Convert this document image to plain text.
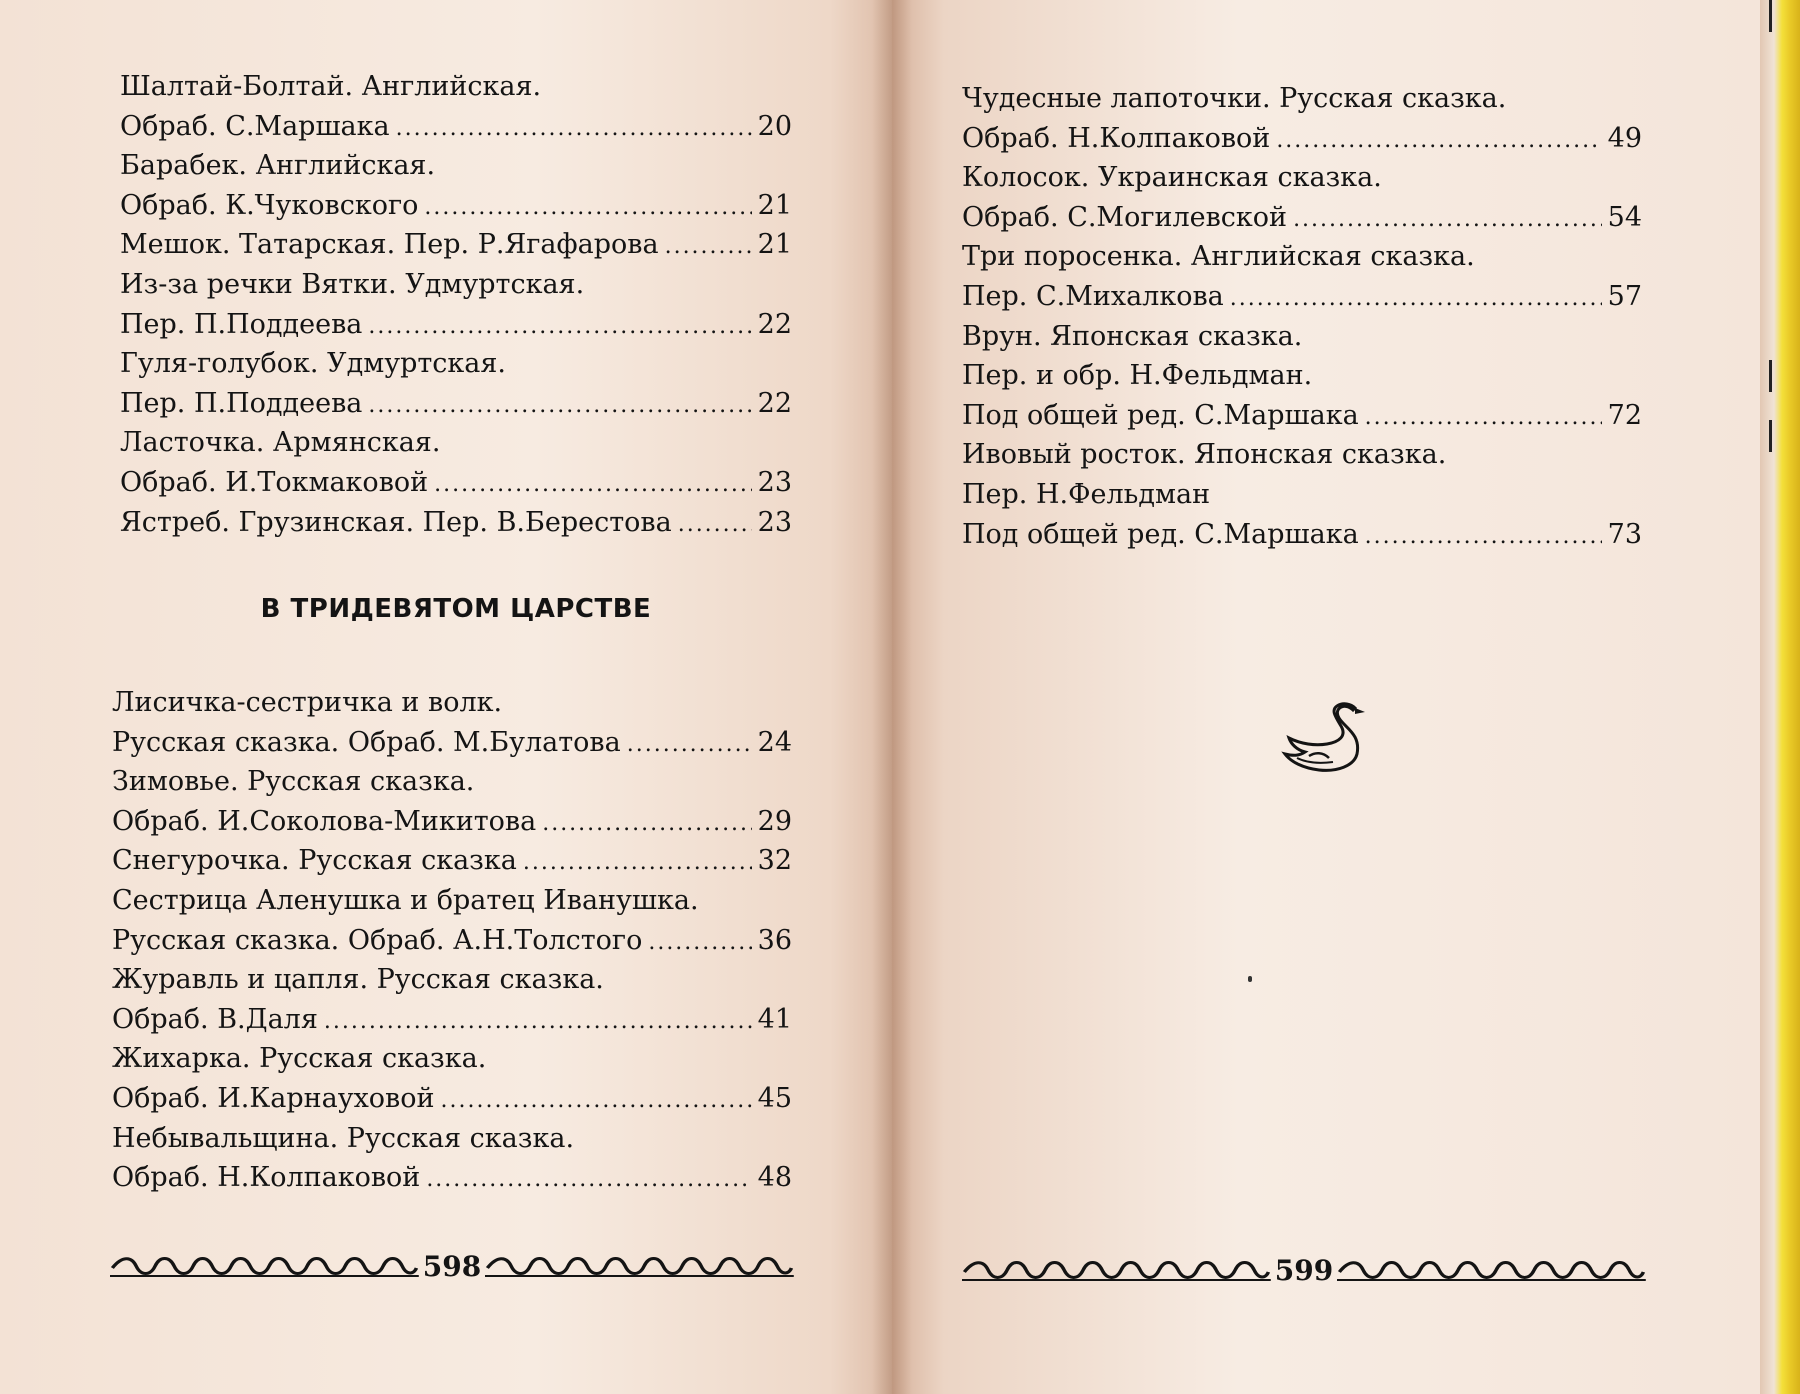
Шалтай-Болтай. Английская.
Обраб. С.Маршака .....	20
Барабек. Английская.
Обраб. К.Чуковского .....	21
Мешок. Татарская. Пер. Р.Ягафарова .....	21
Из-за речки Вятки. Удмуртская.
Пер. П.Поддеева .....	22
Гуля-голубок. Удмуртская.
Пер. П.Поддеева .....	22
Ласточка. Армянская.
Обраб. И.Токмаковой .....	23
Ястреб. Грузинская. Пер. В.Берестова .....	23
В ТРИДЕВЯТОМ ЦАРСТВЕ
Лисичка-сестричка и волк.
Русская сказка. Обраб. М.Булатова .....	24
Зимовье. Русская сказка.
Обраб. И.Соколова-Микитова .....	29
Снегурочка. Русская сказка .....	32
Сестрица Аленушка и братец Иванушка.
Русская сказка. Обраб. А.Н.Толстого .....	36
Журавль и цапля. Русская сказка.
Обраб. В.Даля .....	41
Жихарка. Русская сказка.
Обраб. И.Карнауховой .....	45
Небывальщина. Русская сказка.
Обраб. Н.Колпаковой .....	48
Чудесные лапоточки. Русская сказка.
Обраб. Н.Колпаковой .....	49
Колосок. Украинская сказка.
Обраб. С.Могилевской .....	54
Три поросенка. Английская сказка.
Пер. С.Михалкова .....	57
Врун. Японская сказка.
Пер. и обр. Н.Фельдман.
Под общей ред. С.Маршака .....	72
Ивовый росток. Японская сказка.
Пер. Н.Фельдман
Под общей ред. С.Маршака .....	73
598	599
